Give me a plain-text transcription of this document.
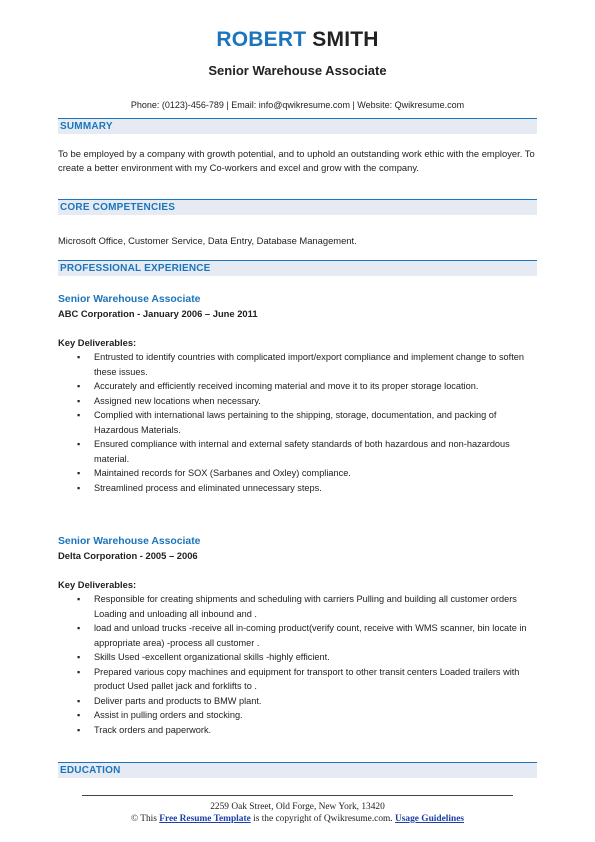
ROBERT SMITH
Senior Warehouse Associate
Phone: (0123)-456-789 | Email: info@qwikresume.com | Website: Qwikresume.com
SUMMARY
To be employed by a company with growth potential, and to uphold an outstanding work ethic with the employer. To create a better environment with my Co-workers and excel and grow with the company.
CORE COMPETENCIES
Microsoft Office, Customer Service, Data Entry, Database Management.
PROFESSIONAL EXPERIENCE
Senior Warehouse Associate
ABC Corporation - January 2006 – June 2011
Key Deliverables:
▪ Entrusted to identify countries with complicated import/export compliance and implement change to soften these issues.
▪ Accurately and efficiently received incoming material and move it to its proper storage location.
▪ Assigned new locations when necessary.
▪ Complied with international laws pertaining to the shipping, storage, documentation, and packing of Hazardous Materials.
▪ Ensured compliance with internal and external safety standards of both hazardous and non-hazardous material.
▪ Maintained records for SOX (Sarbanes and Oxley) compliance.
▪ Streamlined process and eliminated unnecessary steps.
Senior Warehouse Associate
Delta Corporation - 2005 – 2006
Key Deliverables:
▪ Responsible for creating shipments and scheduling with carriers Pulling and building all customer orders Loading and unloading all inbound and .
▪ load and unload trucks -receive all in-coming product(verify count, receive with WMS scanner, bin locate in appropriate area) -process all customer .
▪ Skills Used -excellent organizational skills -highly efficient.
▪ Prepared various copy machines and equipment for transport to other transit centers Loaded trailers with product Used pallet jack and forklifts to .
▪ Deliver parts and products to BMW plant.
▪ Assist in pulling orders and stocking.
▪ Track orders and paperwork.
EDUCATION
2259 Oak Street, Old Forge, New York, 13420
© This Free Resume Template is the copyright of Qwikresume.com. Usage Guidelines
